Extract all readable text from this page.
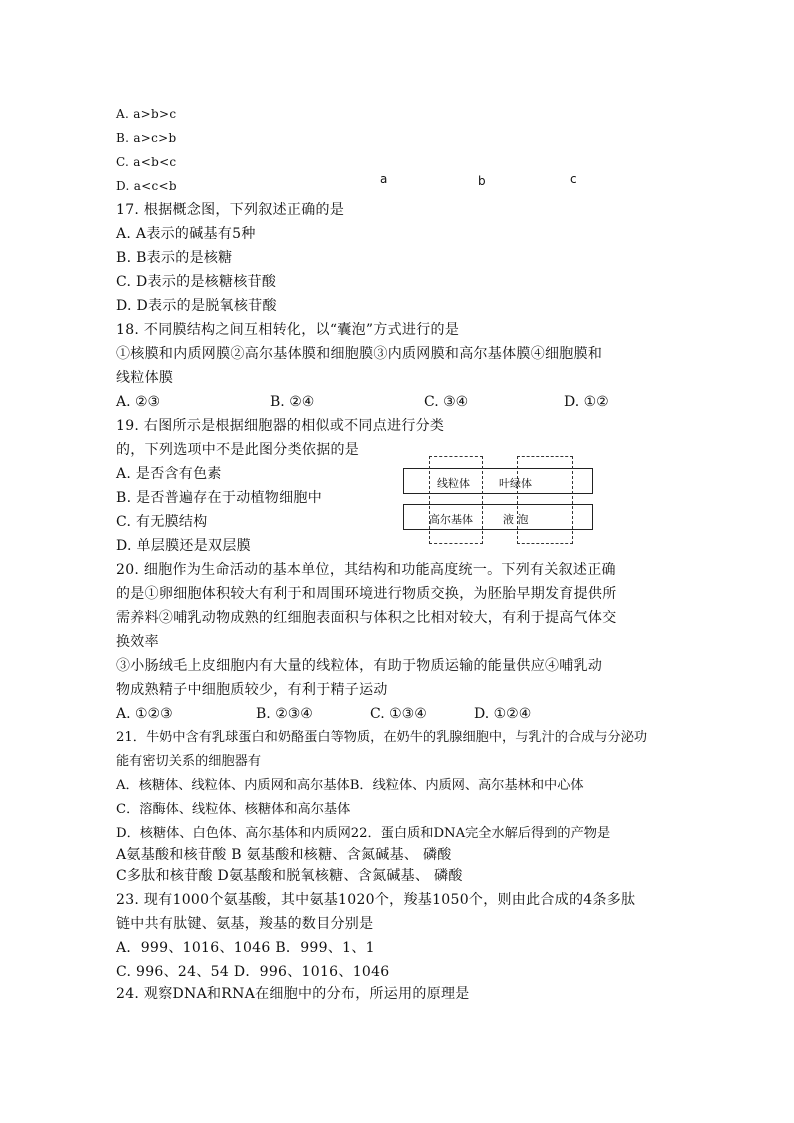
A. a>b>c
B. a>c>b
C. a<b<c
D. a<c<b	a	b	c
17. 根据概念图，下列叙述正确的是
A. A表示的碱基有5种
B. B表示的是核糖
C. D表示的是核糖核苷酸
D. D表示的是脱氧核苷酸
18. 不同膜结构之间互相转化，以“囊泡”方式进行的是
①核膜和内质网膜②高尔基体膜和细胞膜③内质网膜和高尔基体膜④细胞膜和
线粒体膜
A. ②③	B. ②④	C. ③④	D. ①②
19. 右图所示是根据细胞器的相似或不同点进行分类
的，下列选项中不是此图分类依据的是
A. 是否含有色素
B. 是否普遍存在于动植物细胞中
C. 有无膜结构
D. 单层膜还是双层膜
线粒体	叶绿体
高尔基体	液 泡
20. 细胞作为生命活动的基本单位，其结构和功能高度统一。下列有关叙述正确
的是①卵细胞体积较大有利于和周围环境进行物质交换，为胚胎早期发育提供所
需养料②哺乳动物成熟的红细胞表面积与体积之比相对较大，有利于提高气体交
换效率
③小肠绒毛上皮细胞内有大量的线粒体，有助于物质运输的能量供应④哺乳动
物成熟精子中细胞质较少，有利于精子运动
A. ①②③	B. ②③④	C. ①③④	D. ①②④
21．牛奶中含有乳球蛋白和奶酪蛋白等物质，在奶牛的乳腺细胞中，与乳汁的合成与分泌功
能有密切关系的细胞器有
A．核糖体、线粒体、内质网和高尔基体B．线粒体、内质网、高尔基林和中心体
C．溶酶体、线粒体、核糖体和高尔基体
D．核糖体、白色体、高尔基体和内质网22．蛋白质和DNA完全水解后得到的产物是
A氨基酸和核苷酸 B 氨基酸和核糖、含氮碱基、 磷酸
C多肽和核苷酸 D氨基酸和脱氧核糖、含氮碱基、 磷酸
23. 现有1000个氨基酸，其中氨基1020个，羧基1050个，则由此合成的4条多肽
链中共有肽键、氨基，羧基的数目分别是
A．999、1016、1046 B．999、1、1
C. 996、24、54 D．996、1016、1046
24. 观察DNA和RNA在细胞中的分布，所运用的原理是
